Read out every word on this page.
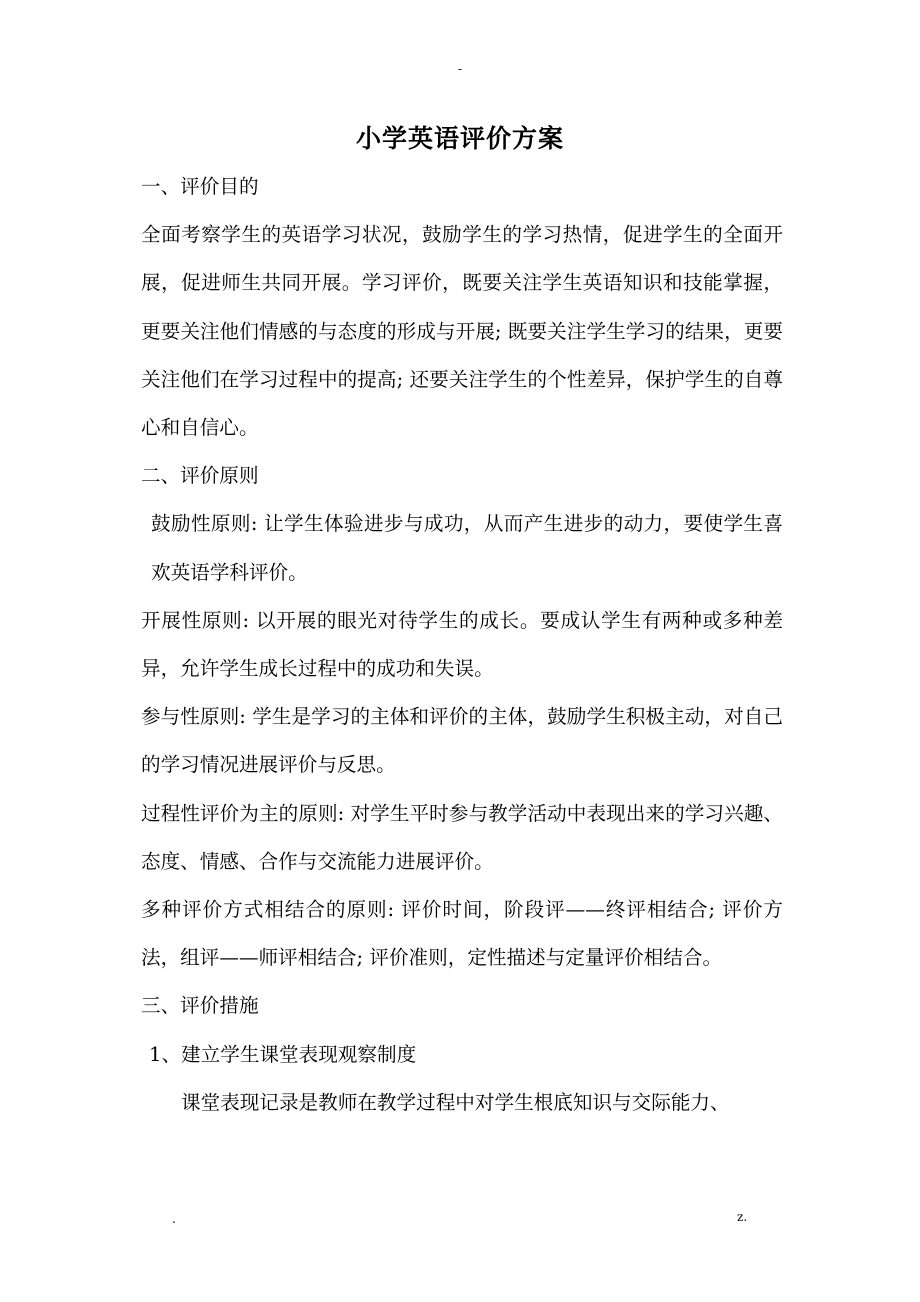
-
小学英语评价方案

一、评价目的

全面考察学生的英语学习状况，鼓励学生的学习热情，促进学生的全面开展，促进师生共同开展。学习评价，既要关注学生英语知识和技能掌握，更要关注他们情感的与态度的形成与开展; 既要关注学生学习的结果，更要关注他们在学习过程中的提高; 还要关注学生的个性差异，保护学生的自尊心和自信心。

二、评价原则

鼓励性原则: 让学生体验进步与成功，从而产生进步的动力，要使学生喜欢英语学科评价。

开展性原则: 以开展的眼光对待学生的成长。要成认学生有两种或多种差异，允许学生成长过程中的成功和失误。

参与性原则: 学生是学习的主体和评价的主体，鼓励学生积极主动，对自己的学习情况进展评价与反思。

过程性评价为主的原则: 对学生平时参与教学活动中表现出来的学习兴趣、态度、情感、合作与交流能力进展评价。

多种评价方式相结合的原则: 评价时间，阶段评——终评相结合; 评价方法，组评——师评相结合; 评价准则，定性描述与定量评价相结合。

三、评价措施

1、建立学生课堂表现观察制度

课堂表现记录是教师在教学过程中对学生根底知识与交际能力、

.	z.
